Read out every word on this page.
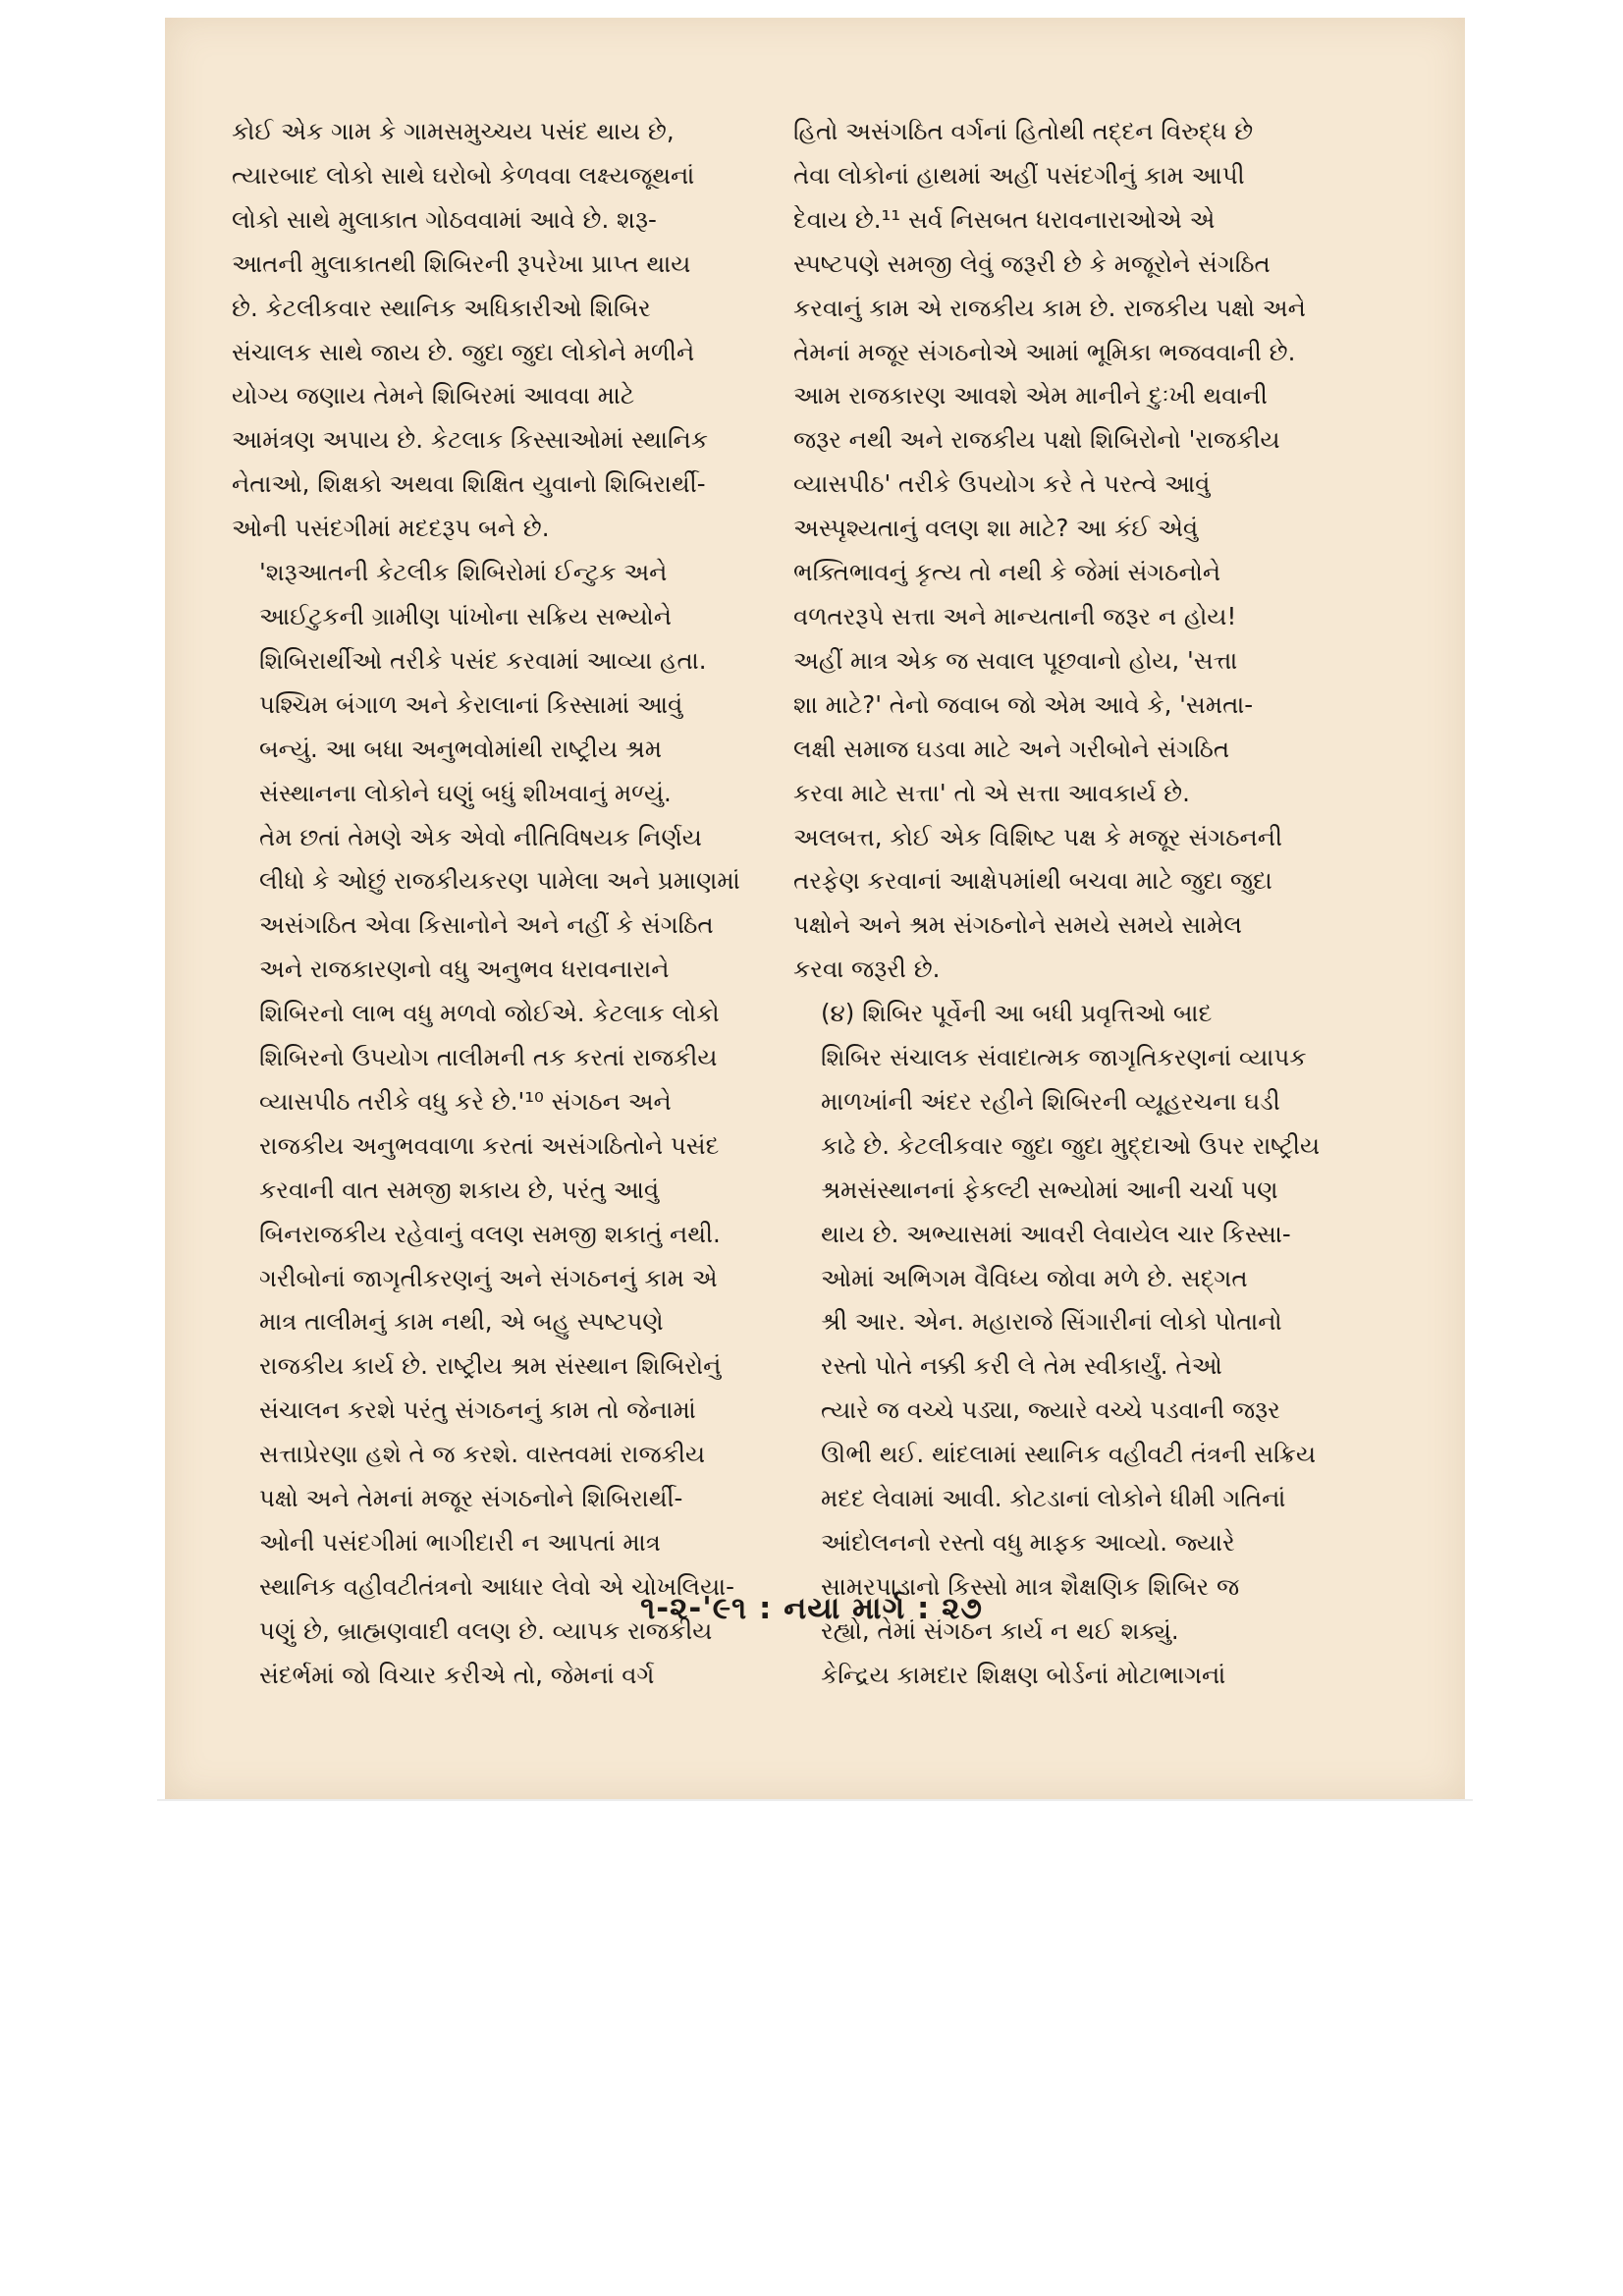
કોઈ એક ગામ કે ગામસમુચ્ચય પસંદ થાય છે,
ત્યારબાદ લોકો સાથે ઘરોબો કેળવવા લક્ષ્યજૂથનાં
લોકો સાથે મુલાકાત ગોઠવવામાં આવે છે. શરૂ-
આતની મુલાકાતથી શિબિરની રૂપરેખા પ્રાપ્ત થાય
છે. કેટલીકવાર સ્થાનિક અધિકારીઓ શિબિર
સંચાલક સાથે જાય છે. જુદા જુદા લોકોને મળીને
યોગ્ય જણાય તેમને શિબિરમાં આવવા માટે
આમંત્રણ અપાય છે. કેટલાક કિસ્સાઓમાં સ્થાનિક
નેતાઓ, શિક્ષકો અથવા શિક્ષિત યુવાનો શિબિરાર્થી-
ઓની પસંદગીમાં મદદરૂપ બને છે.

'શરૂઆતની કેટલીક શિબિરોમાં ઈન્ટુક અને
આઈટુકની ગ્રામીણ પાંખોના સક્રિય સભ્યોને
શિબિરાર્થીઓ તરીકે પસંદ કરવામાં આવ્યા હતા.
પશ્ચિમ બંગાળ અને કેરાલાનાં કિસ્સામાં આવું
બન્યું. આ બધા અનુભવોમાંથી રાષ્ટ્રીય શ્રમ
સંસ્થાનના લોકોને ઘણું બધું શીખવાનું મળ્યું.
તેમ છતાં તેમણે એક એવો નીતિવિષયક નિર્ણય
લીધો કે ઓછું રાજકીયકરણ પામેલા અને પ્રમાણમાં
અસંગઠિત એવા કિસાનોને અને નહીં કે સંગઠિત
અને રાજકારણનો વધુ અનુભવ ધરાવનારાને
શિબિરનો લાભ વધુ મળવો જોઈએ. કેટલાક લોકો
શિબિરનો ઉપયોગ તાલીમની તક કરતાં રાજકીય
વ્યાસપીઠ તરીકે વધુ કરે છે.'¹⁰ સંગઠન અને
રાજકીય અનુભવવાળા કરતાં અસંગઠિતોને પસંદ
કરવાની વાત સમજી શકાય છે, પરંતુ આવું
બિનરાજકીય રહેવાનું વલણ સમજી શકાતું નથી.
ગરીબોનાં જાગૃતીકરણનું અને સંગઠનનું કામ એ
માત્ર તાલીમનું કામ નથી, એ બહુ સ્પષ્ટપણે
રાજકીય કાર્ય છે. રાષ્ટ્રીય શ્રમ સંસ્થાન શિબિરોનું
સંચાલન કરશે પરંતુ સંગઠનનું કામ તો જેનામાં
સત્તાપ્રેરણા હશે તે જ કરશે. વાસ્તવમાં રાજકીય
પક્ષો અને તેમનાં મજૂર સંગઠનોને શિબિરાર્થી-
ઓની પસંદગીમાં ભાગીદારી ન આપતાં માત્ર
સ્થાનિક વહીવટીતંત્રનો આધાર લેવો એ ચોખલિયા-
પણું છે, બ્રાહ્મણવાદી વલણ છે. વ્યાપક રાજકીય
સંદર્ભમાં જો વિચાર કરીએ તો, જેમનાં વર્ગ

હિતો અસંગઠિત વર્ગનાં હિતોથી તદ્દન વિરુદ્ધ છે
તેવા લોકોનાં હાથમાં અહીં પસંદગીનું કામ આપી
દેવાય છે.¹¹ સર્વ નિસબત ધરાવનારાઓએ એ
સ્પષ્ટપણે સમજી લેવું જરૂરી છે કે મજૂરોને સંગઠિત
કરવાનું કામ એ રાજકીય કામ છે. રાજકીય પક્ષો અને
તેમનાં મજૂર સંગઠનોએ આમાં ભૂમિકા ભજવવાની છે.
આમ રાજકારણ આવશે એમ માનીને દુઃખી થવાની
જરૂર નથી અને રાજકીય પક્ષો શિબિરોનો 'રાજકીય
વ્યાસપીઠ' તરીકે ઉપયોગ કરે તે પરત્વે આવું
અસ્પૃશ્યતાનું વલણ શા માટે? આ કંઈ એવું
ભક્તિભાવનું કૃત્ય તો નથી કે જેમાં સંગઠનોને
વળતરરૂપે સત્તા અને માન્યતાની જરૂર ન હોય!
અહીં માત્ર એક જ સવાલ પૂછવાનો હોય, 'સત્તા
શા માટે?' તેનો જવાબ જો એમ આવે કે, 'સમતા-
લક્ષી સમાજ ઘડવા માટે અને ગરીબોને સંગઠિત
કરવા માટે સત્તા' તો એ સત્તા આવકાર્ય છે.
અલબત્ત, કોઈ એક વિશિષ્ટ પક્ષ કે મજૂર સંગઠનની
તરફેણ કરવાનાં આક્ષેપમાંથી બચવા માટે જુદા જુદા
પક્ષોને અને શ્રમ સંગઠનોને સમયે સમયે સામેલ
કરવા જરૂરી છે.

(૪) શિબિર પૂર્વેની આ બધી પ્રવૃત્તિઓ બાદ
શિબિર સંચાલક સંવાદાત્મક જાગૃતિકરણનાં વ્યાપક
માળખાંની અંદર રહીને શિબિરની વ્યૂહરચના ઘડી
કાઢે છે. કેટલીકવાર જુદા જુદા મુદ્દાઓ ઉપર રાષ્ટ્રીય
શ્રમસંસ્થાનનાં ફેકલ્ટી સભ્યોમાં આની ચર્ચા પણ
થાય છે. અભ્યાસમાં આવરી લેવાયેલ ચાર કિસ્સા-
ઓમાં અભિગમ વૈવિધ્ય જોવા મળે છે. સદ્ગત
શ્રી આર. એન. મહારાજે સિંગારીનાં લોકો પોતાનો
રસ્તો પોતે નક્કી કરી લે તેમ સ્વીકાર્યું. તેઓ
ત્યારે જ વચ્ચે પડ્યા, જ્યારે વચ્ચે પડવાની જરૂર
ઊભી થઈ. થાંદલામાં સ્થાનિક વહીવટી તંત્રની સક્રિય
મદદ લેવામાં આવી. કોટડાનાં લોકોને ધીમી ગતિનાં
આંદોલનનો રસ્તો વધુ માફક આવ્યો. જ્યારે
સામરપાડાનો કિસ્સો માત્ર શૈક્ષણિક શિબિર જ
રહ્યો, તેમાં સંગઠન કાર્ય ન થઈ શક્યું.

કેન્દ્રિય કામદાર શિક્ષણ બોર્ડનાં મોટાભાગનાં

૧-૨-'૯૧ : નયા માર્ગ : ૨૭
